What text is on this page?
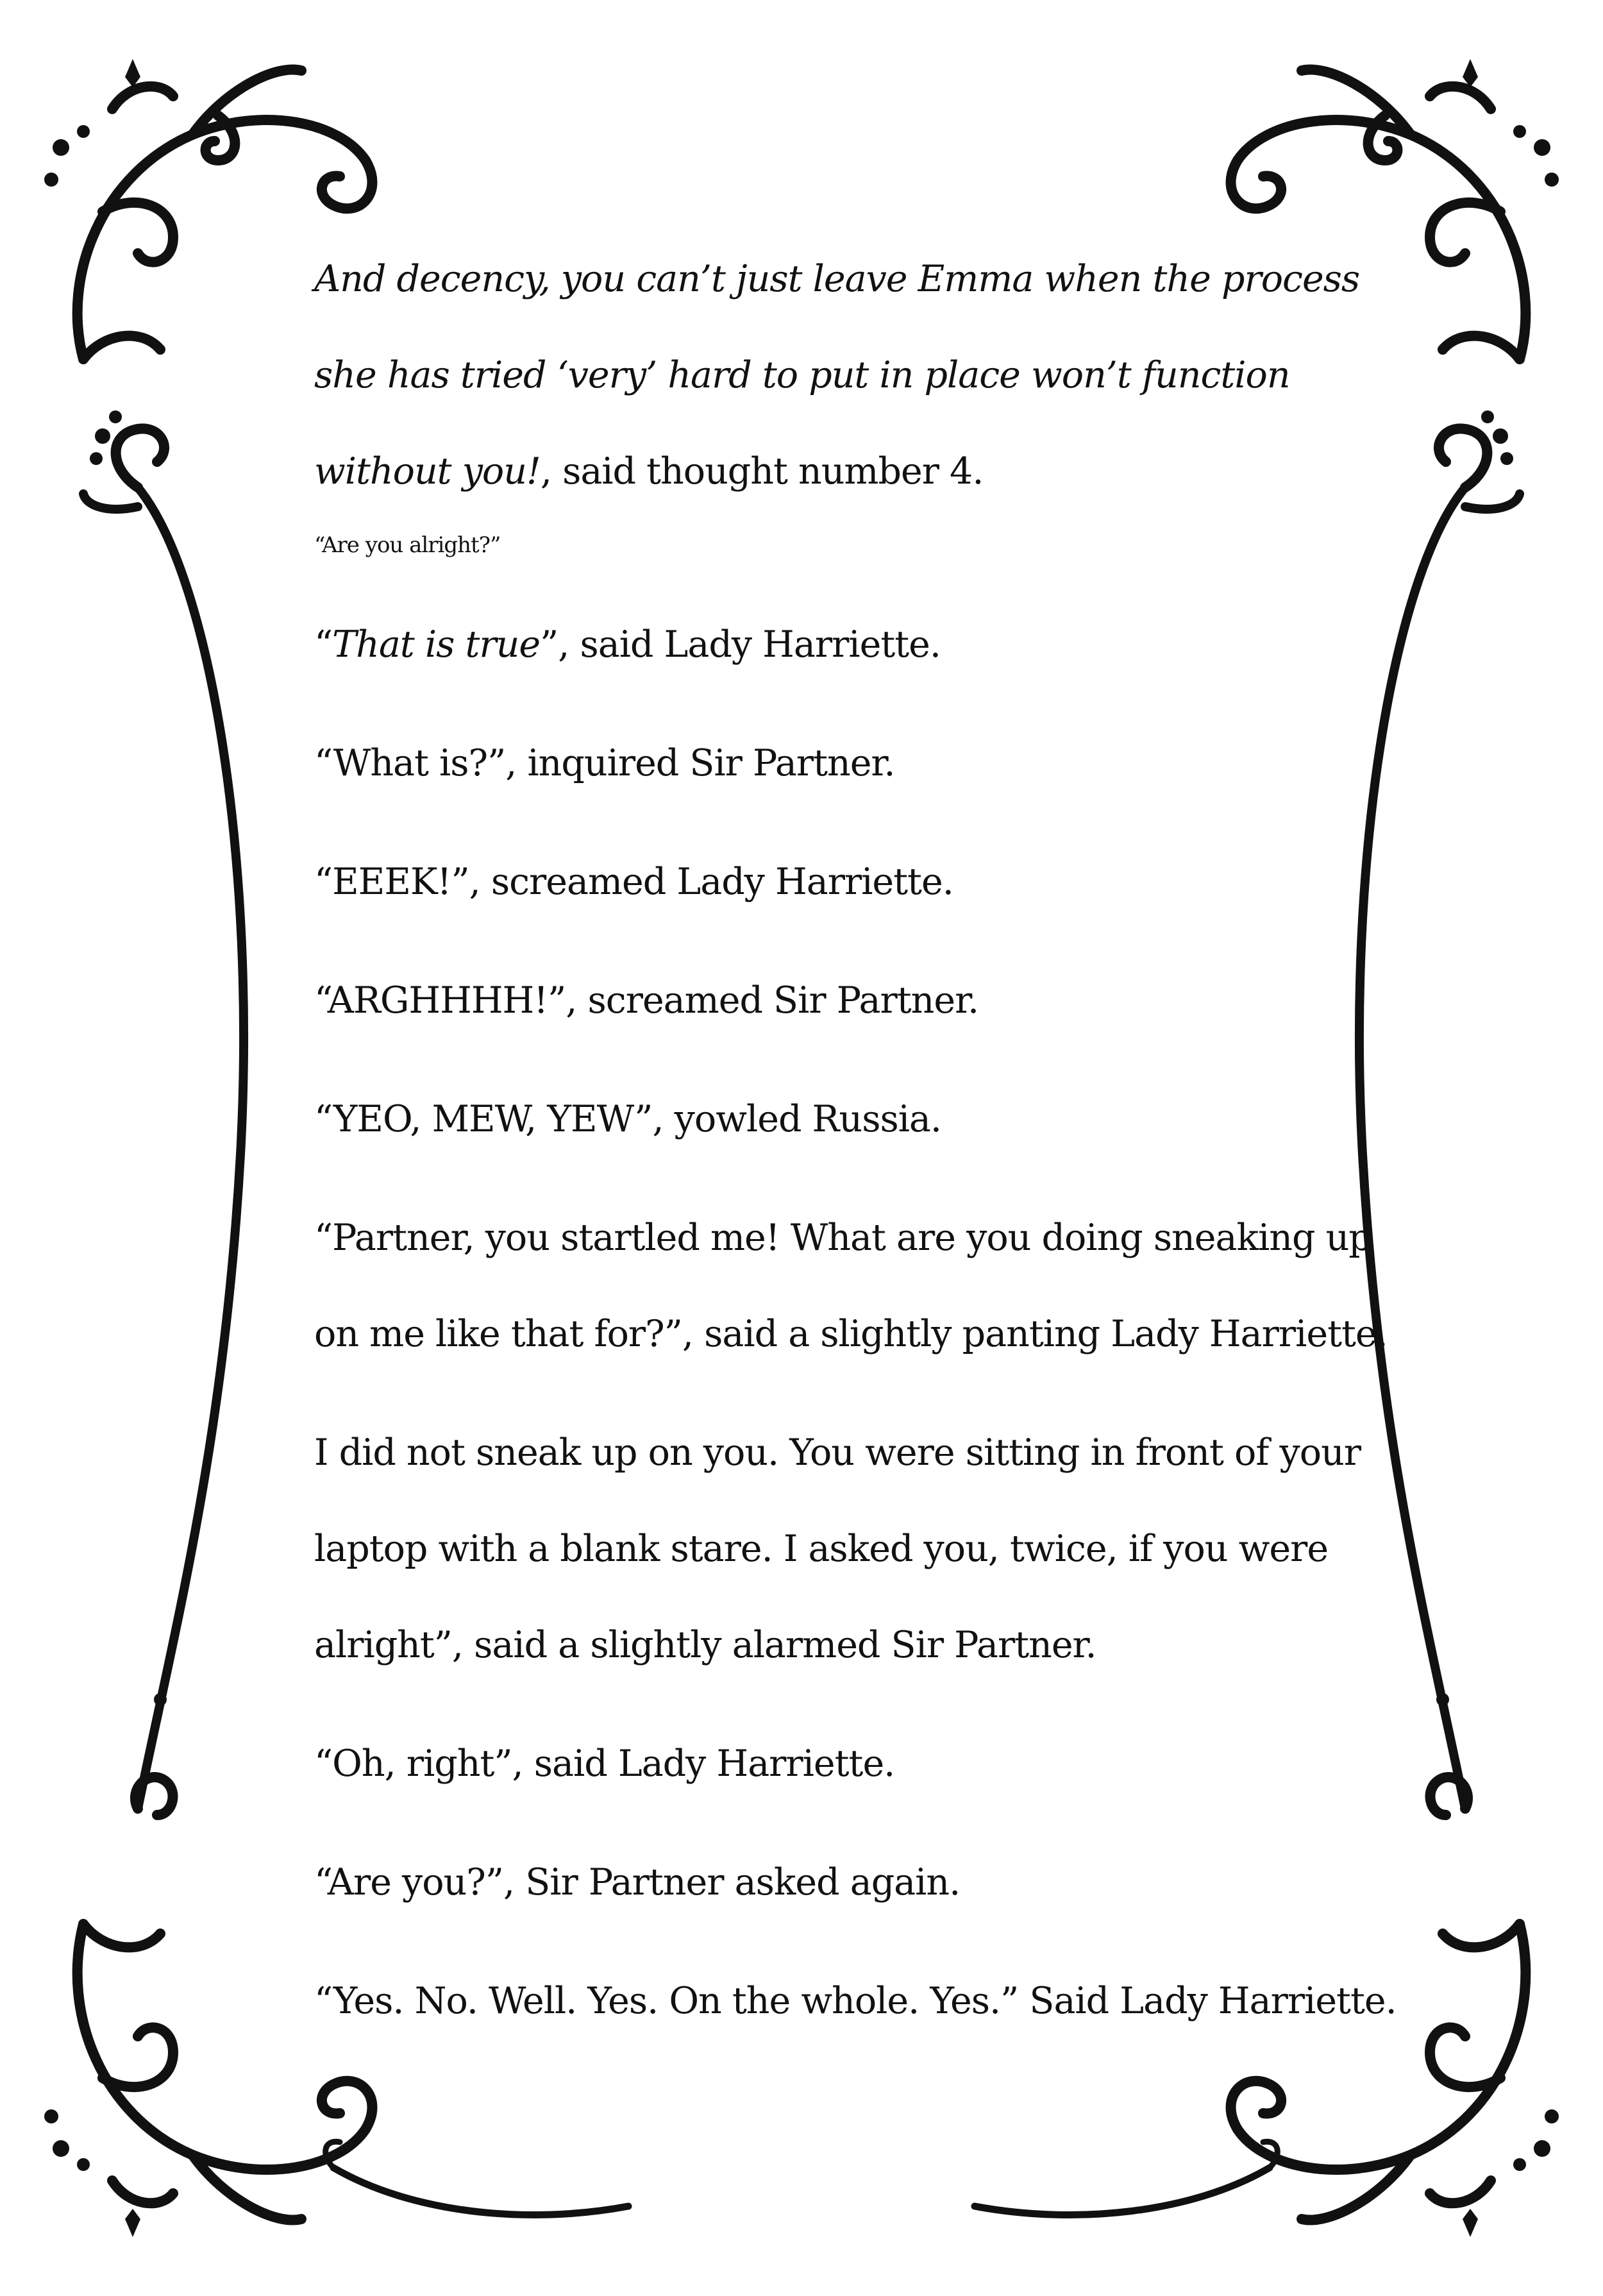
And decency, you can’t just leave Emma when the process she has tried ‘very’ hard to put in place won’t function without you!, said thought number 4.

“Are you alright?”

“That is true”, said Lady Harriette.

“What is?”, inquired Sir Partner.

“EEEK!”, screamed Lady Harriette.

“ARGHHHH!”, screamed Sir Partner.

“YEO, MEW, YEW”, yowled Russia.

“Partner, you startled me! What are you doing sneaking up on me like that for?”, said a slightly panting Lady Harriette.

I did not sneak up on you. You were sitting in front of your laptop with a blank stare. I asked you, twice, if you were alright”, said a slightly alarmed Sir Partner.

“Oh, right”, said Lady Harriette.

“Are you?”, Sir Partner asked again.

“Yes. No. Well. Yes. On the whole. Yes.” Said Lady Harriette.
